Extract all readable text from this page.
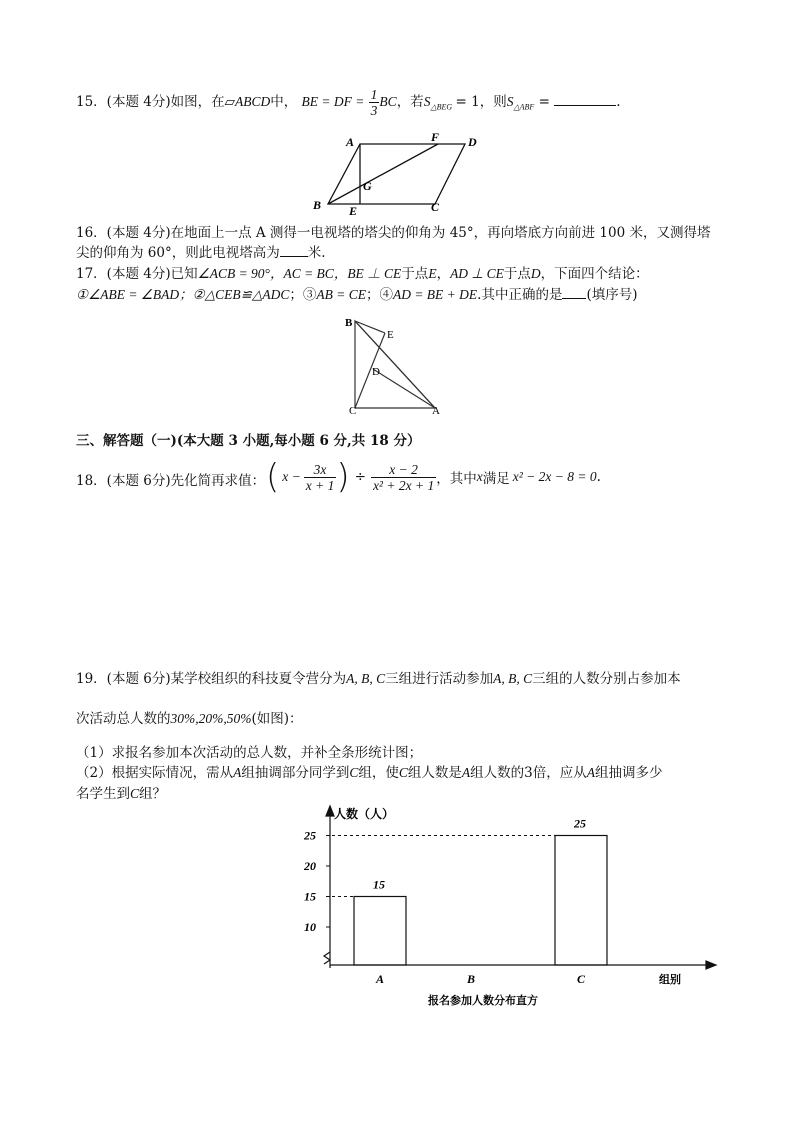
15．(本题 4分)如图，在▱ABCD中， BE = DF = $\frac{1}{3}$ BC，若$S_{\triangle BEG} = 1$，则$S_{\triangle ABF}$ =	.
A	F D
G
B E	C
16．(本题 4分)在地面上一点 A 测得一电视塔的塔尖的仰角为 45°，再向塔底方向前进 100 米，又测得塔
尖的仰角为 60°，则此电视塔高为 米.
17．(本题 4分)已知∠ACB = 90°，AC = BC，BE ⊥ CE于点E，AD ⊥ CE于点D，下面四个结论：
①∠ABE = ∠BAD；②△CEB≌△ADC；③AB = CE；④AD = BE + DE.其中正确的是 (填序号)
B
E
D
C	A
三、解答题（一)(本大题 3 小题,每小题 6 分,共 18 分）
18．(本题 6分)先化简再求值： ( $x - \frac{3x}{x + 1}$ ) ÷ $\frac{x - 2}{\text{x² + 2x + 1}}$ ，其中 x 满足 x² − 2x − 8 = 0 .
19．(本题 6分)某学校组织的科技夏令营分为A, B, C三组进行活动参加A, B, C三组的人数分别占参加本
次活动总人数的30%,20%,50%(如图)：
（1）求报名参加本次活动的总人数，并补全条形统计图；
（2）根据实际情况，需从A组抽调部分同学到C组，使C组人数是A组人数的3倍，应从A组抽调多少
名学生到C组？
10
15
20
25
A
15
B	C
25
人数（人）
组别
报名参加人数分布直方
